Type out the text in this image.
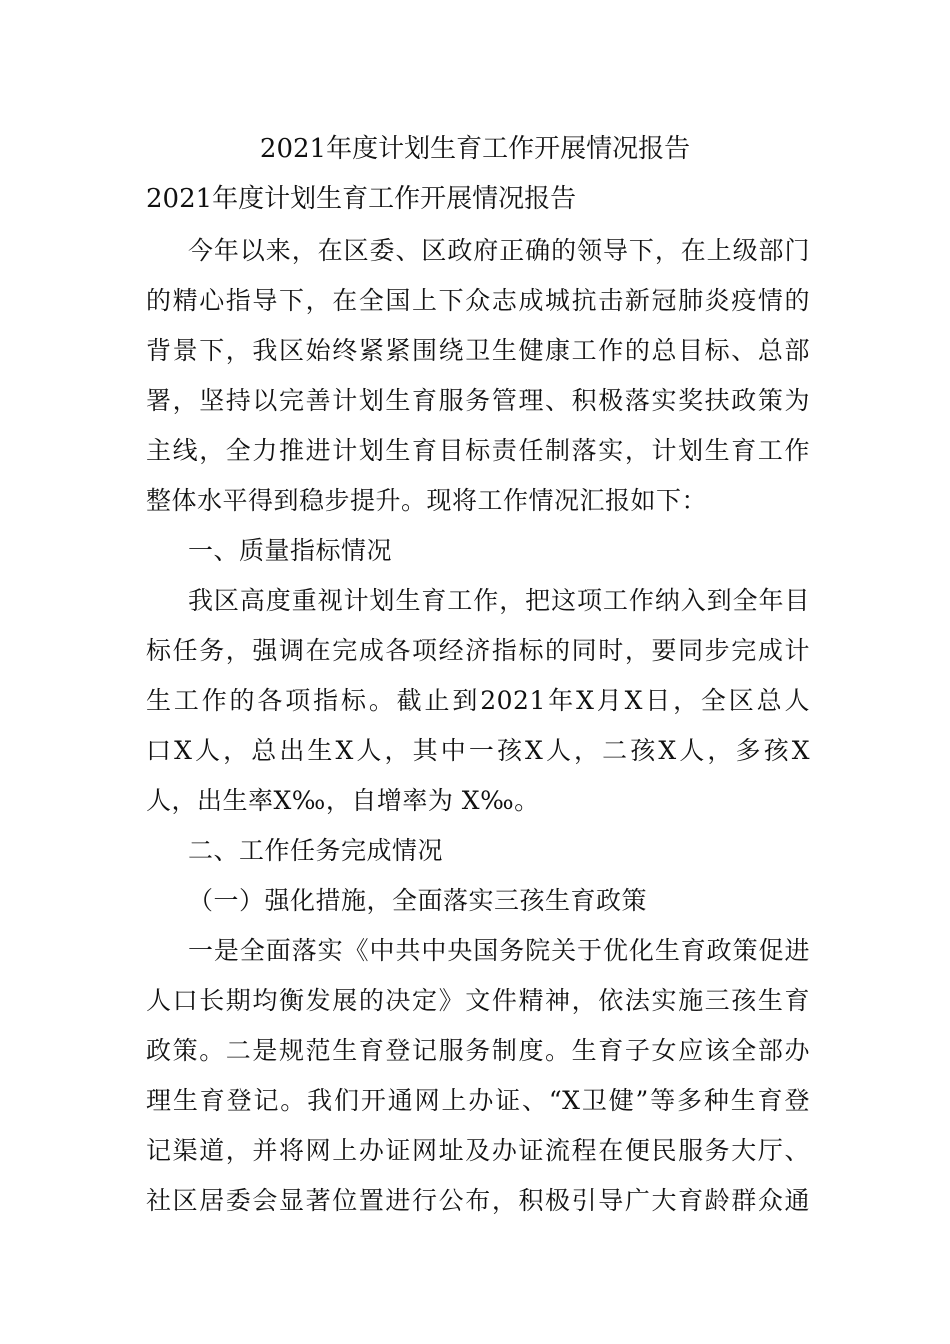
2021年度计划生育工作开展情况报告
2021年度计划生育工作开展情况报告
今年以来，在区委、区政府正确的领导下，在上级部门
的精心指导下，在全国上下众志成城抗击新冠肺炎疫情的
背景下，我区始终紧紧围绕卫生健康工作的总目标、总部
署，坚持以完善计划生育服务管理、积极落实奖扶政策为
主线，全力推进计划生育目标责任制落实，计划生育工作
整体水平得到稳步提升。现将工作情况汇报如下：
一、质量指标情况
我区高度重视计划生育工作，把这项工作纳入到全年目
标任务，强调在完成各项经济指标的同时，要同步完成计
生工作的各项指标。截止到2021年X月X日，全区总人
口X人，总出生X人，其中一孩X人，二孩X人，多孩X
人，出生率X‰，自增率为 X‰。
二、工作任务完成情况
（一）强化措施，全面落实三孩生育政策
一是全面落实《中共中央国务院关于优化生育政策促进
人口长期均衡发展的决定》文件精神，依法实施三孩生育
政策。二是规范生育登记服务制度。生育子女应该全部办
理生育登记。我们开通网上办证、“X卫健”等多种生育登
记渠道，并将网上办证网址及办证流程在便民服务大厅、
社区居委会显著位置进行公布，积极引导广大育龄群众通
